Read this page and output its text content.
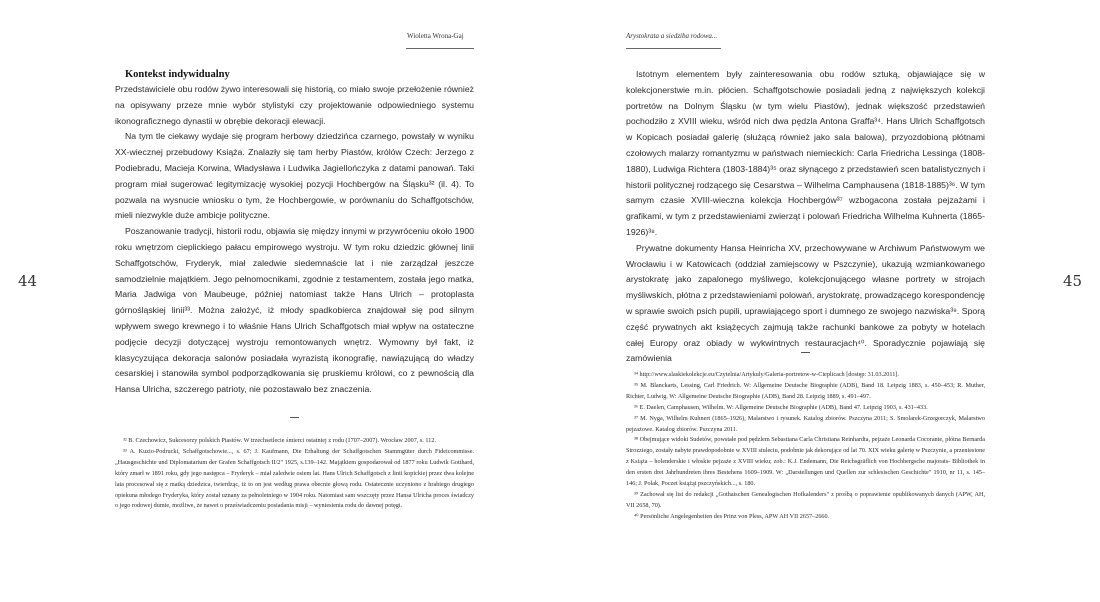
Wioletta Wrona-Gaj
44

Kontekst indywidualny

Przedstawiciele obu rodów żywo interesowali się historią, co miało swoje przełożenie również na opisywany przeze mnie wybór stylistyki czy projektowanie odpowiedniego systemu ikonograficznego dynastii w obrębie dekoracji elewacji.

Na tym tle ciekawy wydaje się program herbowy dziedzińca czarnego, powstały w wyniku XX-wiecznej przebudowy Książa. Znalazły się tam herby Piastów, królów Czech: Jerzego z Podiebradu, Macieja Korwina, Władysława i Ludwika Jagiellończyka z datami panowań. Taki program miał sugerować legitymizację wysokiej pozycji Hochbergów na Śląsku³² (il. 4). To pozwala na wysnucie wniosku o tym, że Hochbergowie, w porównaniu do Schaffgotschów, mieli niezwykle duże ambicje polityczne.

Poszanowanie tradycji, historii rodu, objawia się między innymi w przywróceniu około 1900 roku wnętrzom cieplickiego pałacu empirowego wystroju. W tym roku dziedzic głównej linii Schaffgotschów, Fryderyk, miał zaledwie siedemnaście lat i nie zarządzał jeszcze samodzielnie majątkiem. Jego pełnomocnikami, zgodnie z testamentem, została jego matka, Maria Jadwiga von Maubeuge, później natomiast także Hans Ulrich – protoplasta górnośląskiej linii³³. Można założyć, iż młody spadkobierca znajdował się pod silnym wpływem swego krewnego i to właśnie Hans Ulrich Schaffgotsch miał wpływ na ostateczne podjęcie decyzji dotyczącej wystroju remontowanych wnętrz. Wymowny był fakt, iż klasycyzująca dekoracja salonów posiadała wyrazistą ikonografię, nawiązującą do władzy cesarskiej i stanowiła symbol podporządkowania się pruskiemu królowi, co z pewnością dla Hansa Ulricha, szczerego patrioty, nie pozostawało bez znaczenia.

³² B. Czechowicz, Sukcesorzy polskich Piastów. W trzechsetlecie śmierci ostatniej z rodu (1707–2007). Wrocław 2007, s. 112.

³³ A. Kuzio-Podrucki, Schaffgotschowie..., s. 67; J. Kaufmann, Die Erhaltung der Schaffgotschen Stammgüter durch Fideicommisse. „Hausgeschichte und Diplomatarium der Grafen Schaffgotsch II/2" 1925, s.139–142. Majątkiem gospodarował od 1877 roku Ludwik Gotthard, który zmarł w 1891 roku, gdy jego następca – Fryderyk – miał zaledwie osiem lat. Hans Ulrich Schaffgotsch z linii kopickiej przez dwa kolejne lata procesował się z matką dziedzica, twierdząc, iż to on jest według prawa obecnie głową rodu. Ostatecznie uczyniono z hrabiego drugiego opiekuna młodego Fryderyka, który został uznany za pełnoletniego w 1904 roku. Natomiast sam wszczęty przez Hansa Ulricha proces świadczy o jego rodowej dumie, możliwe, że nawet o przeświadczeniu posiadania misji – wyniesienia rodu do dawnej potęgi.

Arystokrata a siedziba rodowa...
45

Istotnym elementem były zainteresowania obu rodów sztuką, objawiające się w kolekcjonerstwie m.in. płócien. Schaffgotschowie posiadali jedną z największych kolekcji portretów na Dolnym Śląsku (w tym wielu Piastów), jednak większość przedstawień pochodziło z XVIII wieku, wśród nich dwa pędzla Antona Graffa³⁴. Hans Ulrich Schaffgotsch w Kopicach posiadał galerię (służącą również jako sala balowa), przyozdobioną płótnami czołowych malarzy romantyzmu w państwach niemieckich: Carla Friedricha Lessinga (1808-1880), Ludwiga Richtera (1803-1884)³⁵ oraz słynącego z przedstawień scen batalistycznych i historii politycznej rodzącego się Cesarstwa – Wilhelma Camphausena (1818-1885)³⁶. W tym samym czasie XVIII-wieczna kolekcja Hochbergów³⁷ wzbogacona została pejzażami i grafikami, w tym z przedstawieniami zwierząt i polowań Friedricha Wilhelma Kuhnerta (1865-1926)³⁸.

Prywatne dokumenty Hansa Heinricha XV, przechowywane w Archiwum Państwowym we Wrocławiu i w Katowicach (oddział zamiejscowy w Pszczynie), ukazują wzmiankowanego arystokratę jako zapalonego myśliwego, kolekcjonującego własne portrety w strojach myśliwskich, płótna z przedstawieniami polowań, arystokratę, prowadzącego korespondencję w sprawie swoich psich pupili, uprawiającego sport i dumnego ze swojego nazwiska³⁹. Sporą część prywatnych akt książęcych zajmują także rachunki bankowe za pobyty w hotelach całej Europy oraz obiady w wykwintnych restauracjach⁴⁰. Sporadycznie pojawiają się zamówienia

³⁴ http://www.slaskiekolekcje.eu/Czytelnia/Artykuly/Galeria-portretow-w-Cieplicach [dostęp: 31.03.2011].

³⁵ M. Blanckarts, Lessing, Carl Friedrich. W: Allgemeine Deutsche Biographie (ADB), Band 18. Leipzig 1883, s. 450–453; R. Muther, Richter, Ludwig. W: Allgemeine Deutsche Biographie (ADB), Band 28. Leipzig 1889, s. 491–497.

³⁶ E. Daelen, Camphausen, Wilhelm. W: Allgemeine Deutsche Biographie (ADB), Band 47. Leipzig 1903, s. 431–433.

³⁷ M. Nyga, Wilhelm Kuhnert (1865–1926), Malarstwo i rysunek. Katalog zbiorów. Pszczyna 2011; S. Smolarek-Grzegorczyk, Malarstwo pejzażowe. Katalog zbiorów. Pszczyna 2011.

³⁸ Obejmujące widoki Sudetów, powstałe pod pędzlem Sebastiana Carla Christiana Reinhardta, pejzaże Leonarda Cocorante, płótna Bernarda Strozziego, zostały nabyte prawdopodobnie w XVIII stuleciu, podobnie jak dekorujące od lat 70. XIX wieku galerię w Pszczynie, a przeniesione z Książa – holenderskie i włoskie pejzaże z XVIII wieku; zob.: K.J. Endemann, Die Reichsgräflich von Hochbergsche majorats- Bibliothek in den ersten drei Jahrhundreten ihres Bestehens 1609–1909. W: „Darstellungen und Quellen zur schlesischen Geschichte" 1910, nr 11, s. 145–146; J. Polak, Poczet książąt pszczyńskich..., s. 180.

³⁹ Zachował się list do redakcji „Gothaischen Genealogischen Hofkalenders" z prośbą o poprawienie opublikowanych danych (APW, AH, VII 2658, 70).

⁴⁰ Persönliche Angelegenheiten des Prinz von Pless, APW AH VII 2657–2660.
